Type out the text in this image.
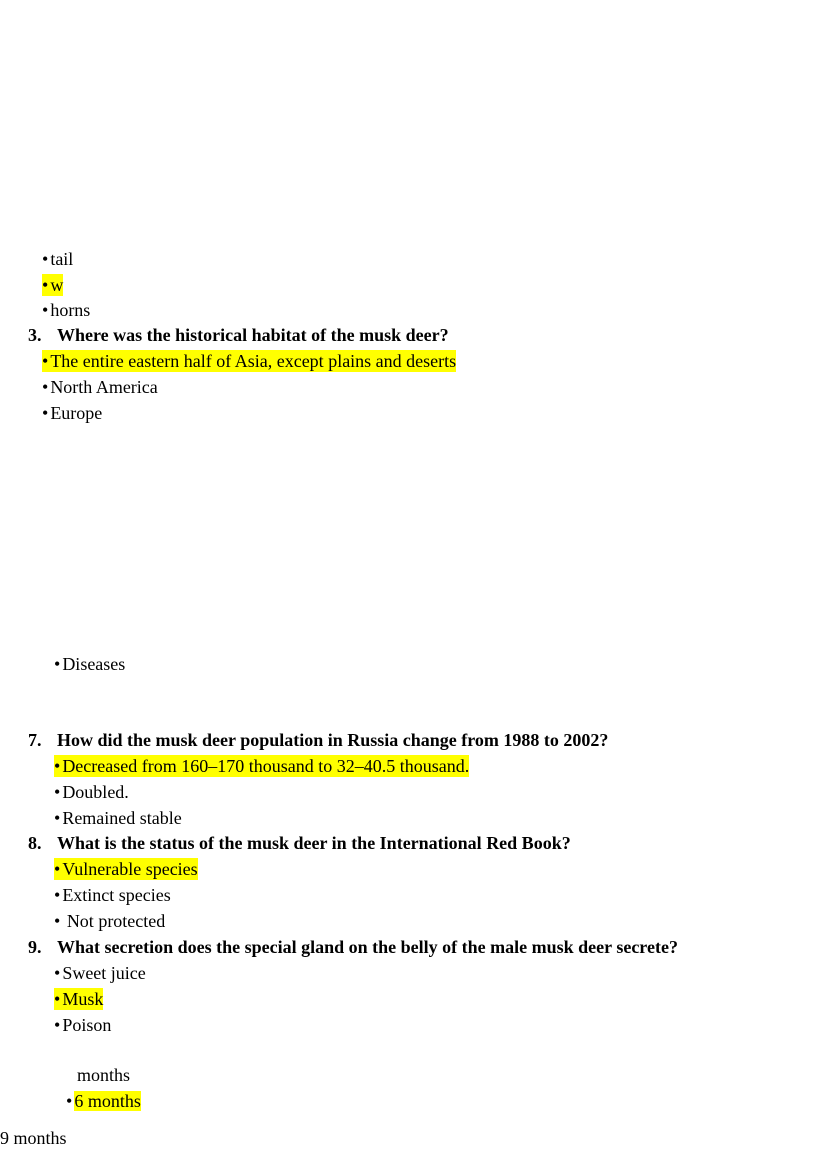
• tail
• w
• horns
3. Where was the historical habitat of the musk deer?
• The entire eastern half of Asia, except plains and deserts
• North America
• Europe
• Diseases
7. How did the musk deer population in Russia change from 1988 to 2002?
• Decreased from 160–170 thousand to 32–40.5 thousand.
• Doubled.
• Remained stable
8. What is the status of the musk deer in the International Red Book?
• Vulnerable species
• Extinct species
• Not protected
9. What secretion does the special gland on the belly of the male musk deer secrete?
• Sweet juice
• Musk
• Poison
months
• 6 months
9 months
